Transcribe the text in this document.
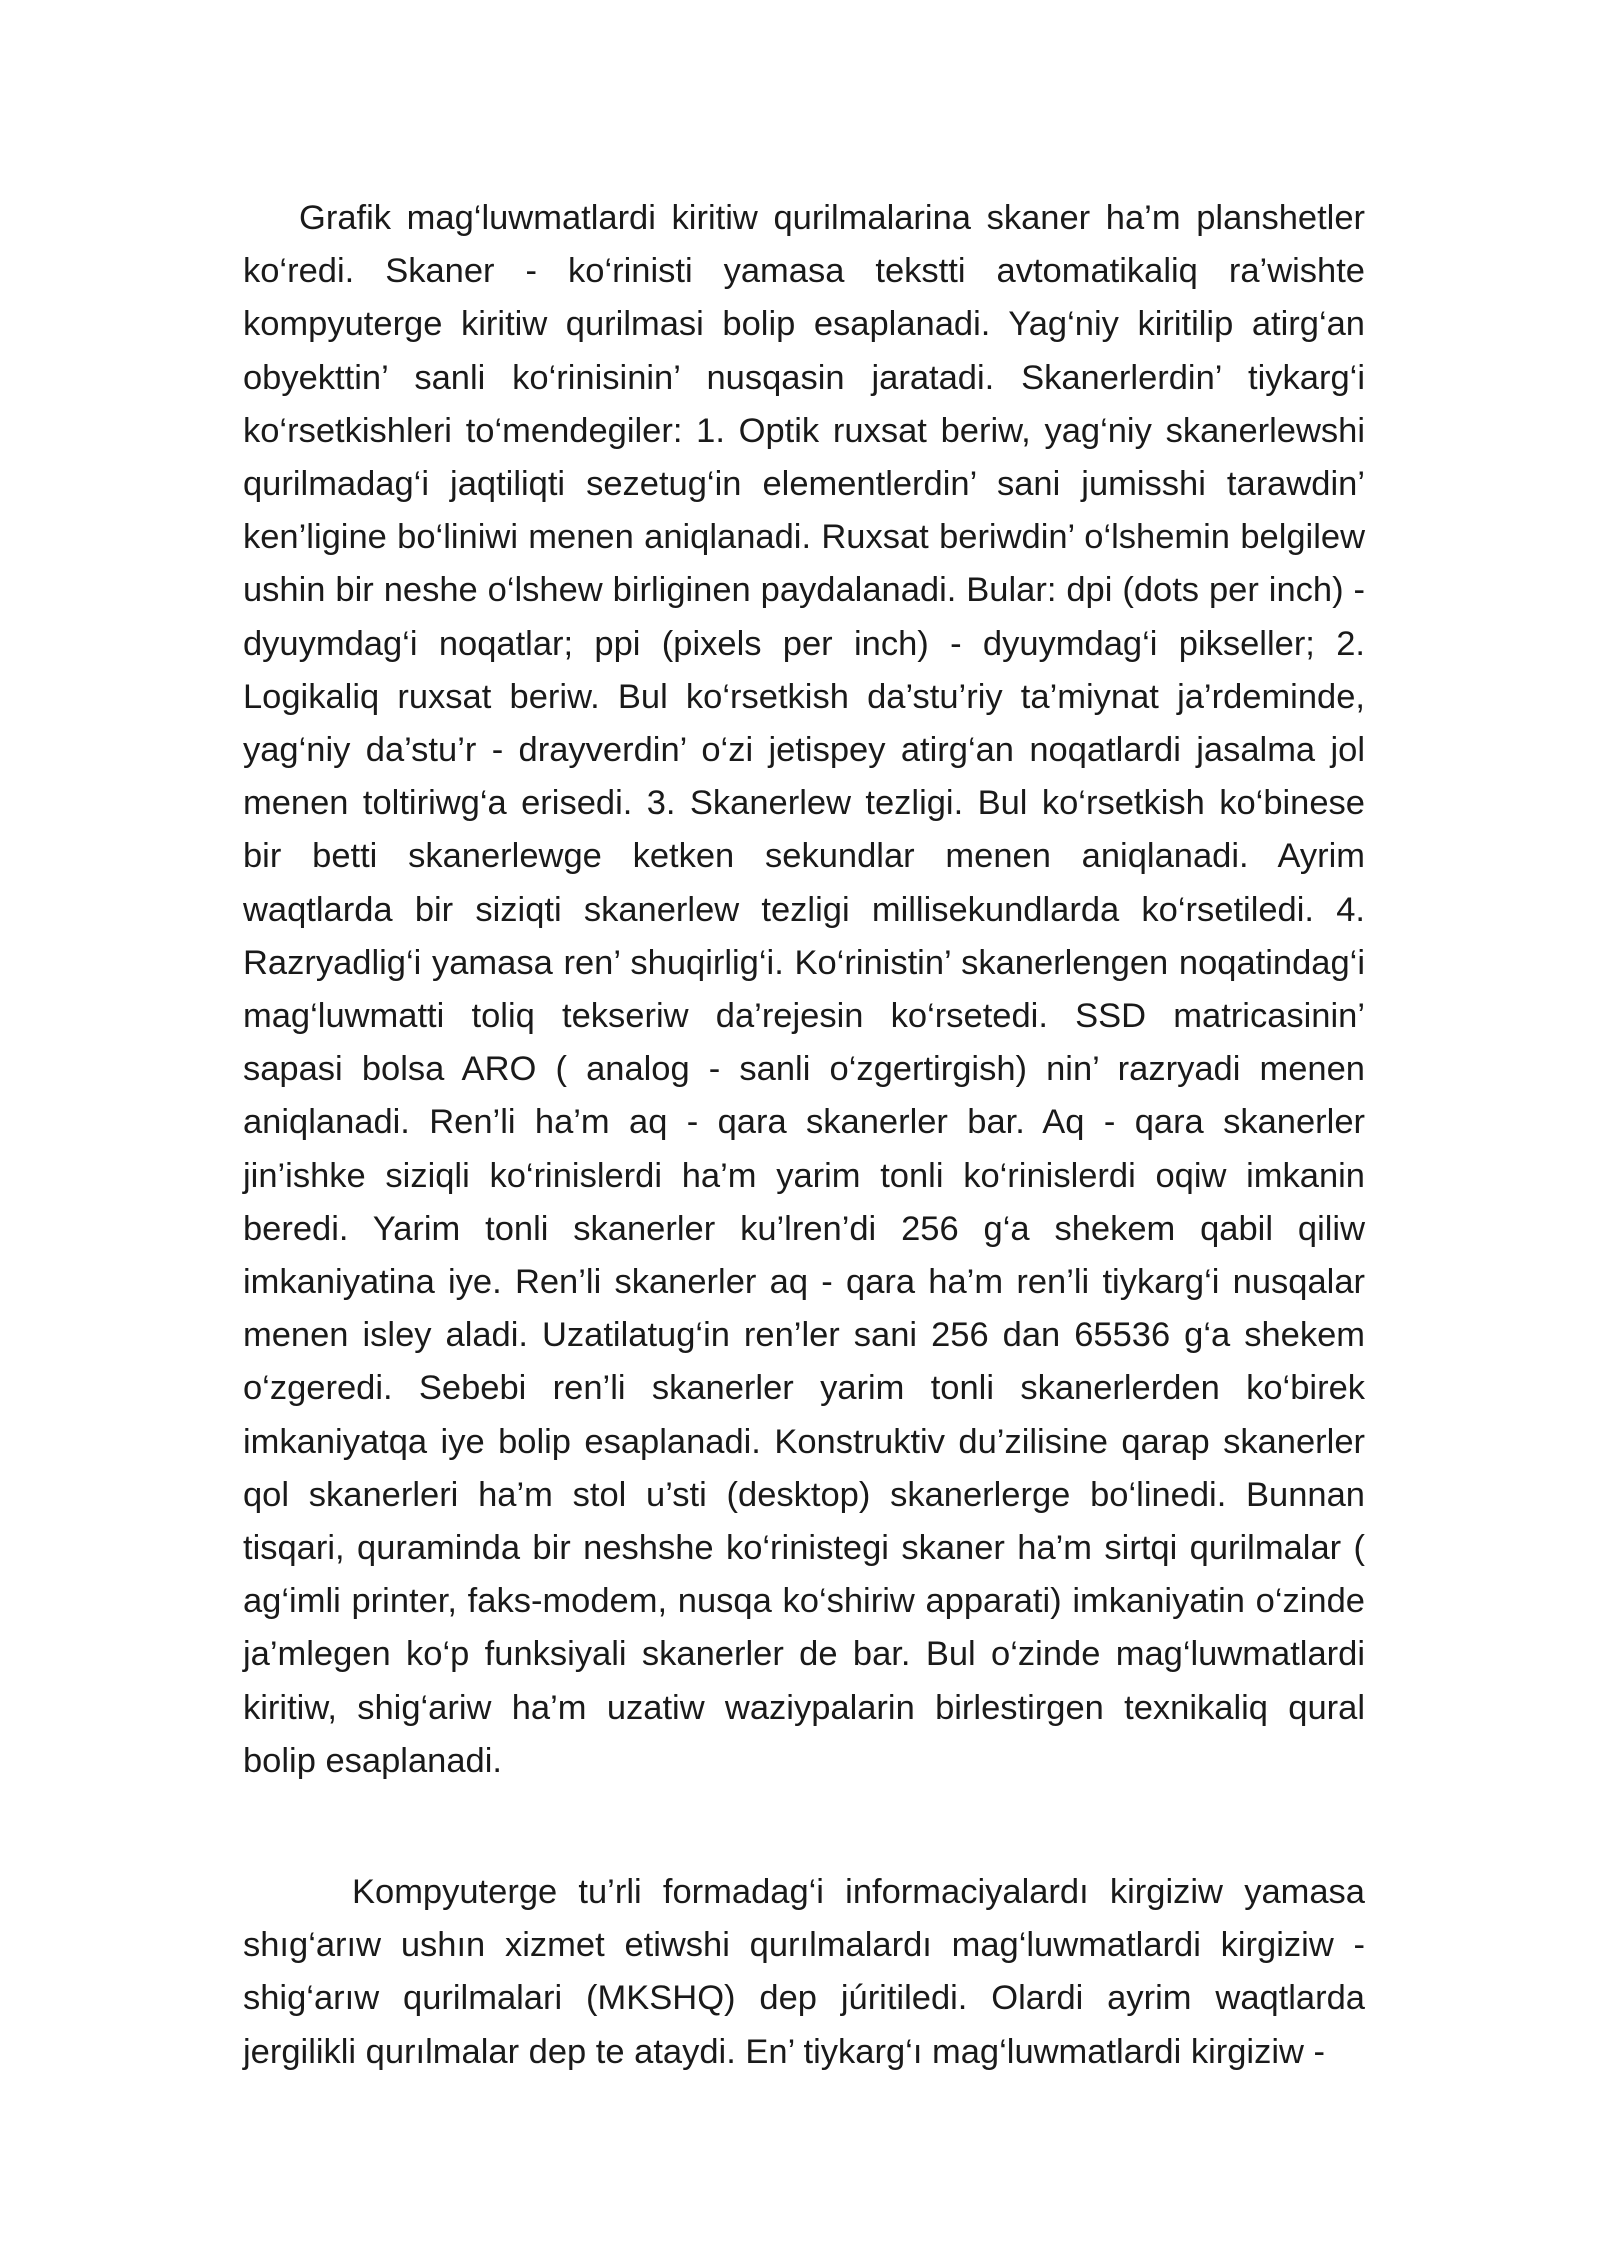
Grafik mag‘luwmatlardi kiritiw qurilmalarina skaner ha’m planshetler ko‘redi. Skaner - ko‘rinisti yamasa tekstti avtomatikaliq ra’wishte kompyuterge kiritiw qurilmasi bolip esaplanadi. Yag‘niy kiritilip atirg‘an obyekttin’ sanli ko‘rinisinin’ nusqasin jaratadi. Skanerlerdin’ tiykarg‘i ko‘rsetkishleri to‘mendegiler: 1. Optik ruxsat beriw, yag‘niy skanerlewshi qurilmadag‘i jaqtiliqti sezetug‘in elementlerdin’ sani jumisshi tarawdin’ ken’ligine bo‘liniwi menen aniqlanadi. Ruxsat beriwdin’ o‘lshemin belgilew ushin bir neshe o‘lshew birliginen paydalanadi. Bular: dpi (dots per inch) -dyuymdag‘i noqatlar; ppi (pixels per inch) - dyuymdag‘i pikseller; 2. Logikaliq ruxsat beriw. Bul ko‘rsetkish da’stu’riy ta’miynat ja’rdeminde, yag‘niy da’stu’r - drayverdin’ o‘zi jetispey atirg‘an noqatlardi jasalma jol menen toltiriwg‘a erisedi. 3. Skanerlew tezligi. Bul ko‘rsetkish ko‘binese bir betti skanerlewge ketken sekundlar menen aniqlanadi. Ayrim waqtlarda bir siziqti skanerlew tezligi millisekundlarda ko‘rsetiledi. 4. Razryadlig‘i yamasa ren’ shuqirlig‘i. Ko‘rinistin’ skanerlengen noqatindag‘i mag‘luwmatti toliq tekseriw da’rejesin ko‘rsetedi. SSD matricasinin’ sapasi bolsa ARO ( analog - sanli o‘zgertirgish) nin’ razryadi menen aniqlanadi. Ren’li ha’m aq - qara skanerler bar. Aq - qara skanerler jin’ishke siziqli ko‘rinislerdi ha’m yarim tonli ko‘rinislerdi oqiw imkanin beredi. Yarim tonli skanerler ku’lren’di 256 g‘a shekem qabil qiliw imkaniyatina iye. Ren’li skanerler aq - qara ha’m ren’li tiykarg‘i nusqalar menen isley aladi. Uzatilatug‘in ren’ler sani 256 dan 65536 g‘a shekem o‘zgeredi. Sebebi ren’li skanerler yarim tonli skanerlerden ko‘birek imkaniyatqa iye bolip esaplanadi. Konstruktiv du’zilisine qarap skanerler qol skanerleri ha’m stol u’sti (desktop) skanerlerge bo‘linedi. Bunnan tisqari, quraminda bir neshshe ko‘rinistegi skaner ha’m sirtqi qurilmalar ( ag‘imli printer, faks-modem, nusqa ko‘shiriw apparati) imkaniyatin o‘zinde ja’mlegen ko‘p funksiyali skanerler de bar. Bul o‘zinde mag‘luwmatlardi kiritiw, shig‘ariw ha’m uzatiw waziypalarin birlestirgen texnikaliq qural bolip esaplanadi.

Kompyuterge tu’rli formadag‘i informaciyalardı kirgiziw yamasa shıg‘arıw ushın xizmet etiwshi qurılmalardı mag‘luwmatlardi kirgiziw - shig‘arıw qurilmalari (MKSHQ) dep júritiledi. Olardi ayrim waqtlarda jergilikli qurılmalar dep te ataydi. En’ tiykarg‘ı mag‘luwmatlardi kirgiziw -
